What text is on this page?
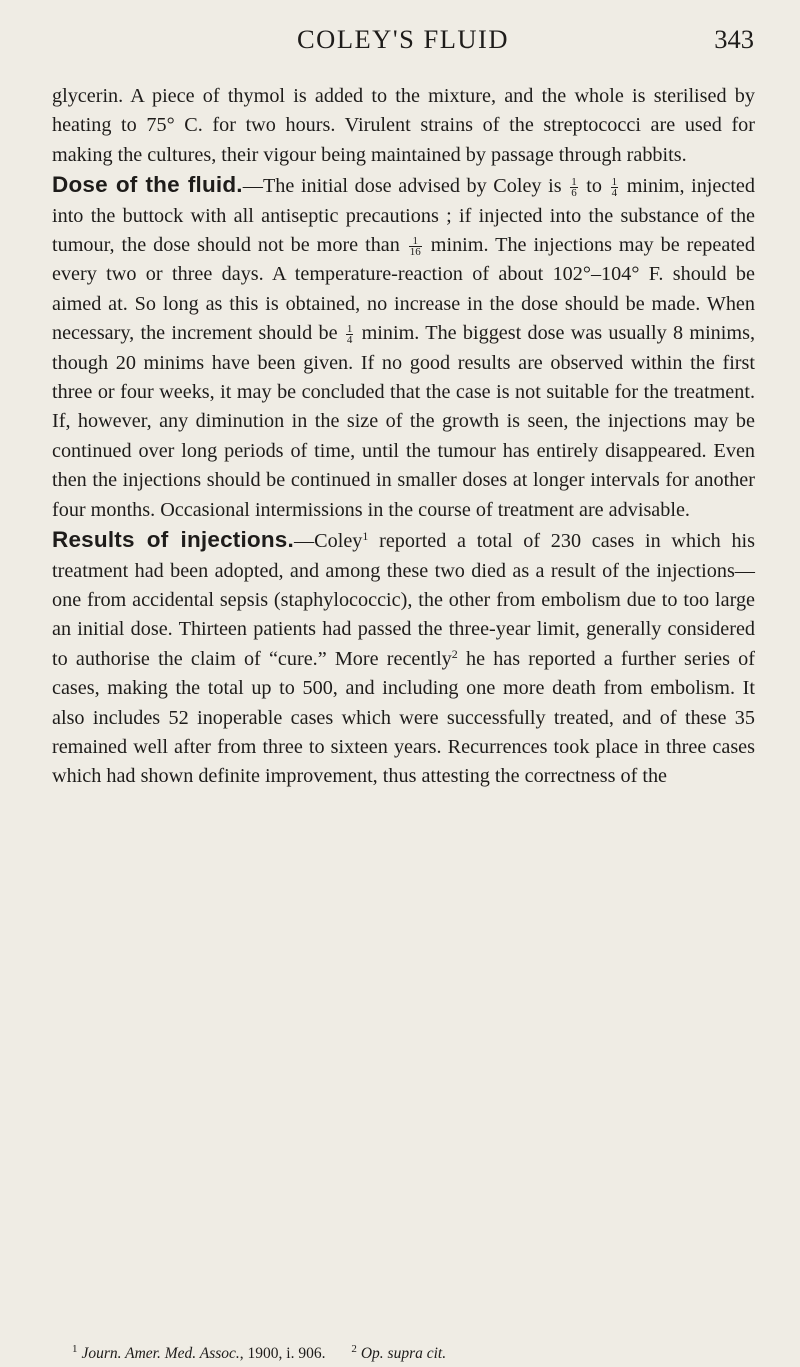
COLEY'S FLUID	343

glycerin. A piece of thymol is added to the mixture, and the whole is sterilised by heating to 75° C. for two hours. Virulent strains of the streptococci are used for making the cultures, their vigour being maintained by passage through rabbits.

Dose of the fluid.—The initial dose advised by Coley is $\frac{1}{6}$ to $\frac{1}{4}$ minim, injected into the buttock with all antiseptic precautions ; if injected into the substance of the tumour, the dose should not be more than $\frac{1}{16}$ minim. The injections may be repeated every two or three days. A temperature-reaction of about 102°–104° F. should be aimed at. So long as this is obtained, no increase in the dose should be made. When necessary, the increment should be $\frac{1}{4}$ minim. The biggest dose was usually 8 minims, though 20 minims have been given. If no good results are observed within the first three or four weeks, it may be concluded that the case is not suitable for the treatment. If, however, any diminution in the size of the growth is seen, the injections may be continued over long periods of time, until the tumour has entirely disappeared. Even then the injections should be continued in smaller doses at longer intervals for another four months. Occasional intermissions in the course of treatment are advisable.

Results of injections.—Coley$^1$ reported a total of 230 cases in which his treatment had been adopted, and among these two died as a result of the injections—one from accidental sepsis (staphylococcic), the other from embolism due to too large an initial dose. Thirteen patients had passed the three-year limit, generally considered to authorise the claim of “cure.” More recently$^2$ he has reported a further series of cases, making the total up to 500, and including one more death from embolism. It also includes 52 inoperable cases which were successfully treated, and of these 35 remained well after from three to sixteen years. Recurrences took place in three cases which had shown definite improvement, thus attesting the correctness of the

$^1$ Journ. Amer. Med. Assoc., 1900, i. 906. $^2$ Op. supra cit.
